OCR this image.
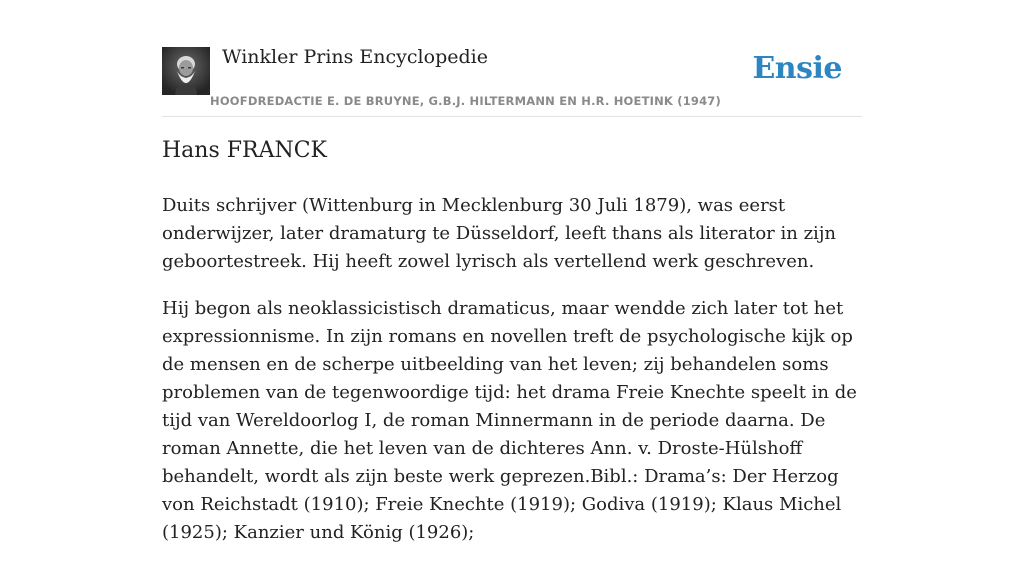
Winkler Prins Encyclopedie
HOOFDREDACTIE E. DE BRUYNE, G.B.J. HILTERMANN EN H.R. HOETINK (1947)
Ensie
Hans FRANCK

Duits schrijver (Wittenburg in Mecklenburg 30 Juli 1879), was eerst onderwijzer, later dramaturg te Düsseldorf, leeft thans als literator in zijn geboortestreek. Hij heeft zowel lyrisch als vertellend werk geschreven.

Hij begon als neoklassicistisch dramaticus, maar wendde zich later tot het expressionnisme. In zijn romans en novellen treft de psychologische kijk op de mensen en de scherpe uitbeelding van het leven; zij behandelen soms problemen van de tegenwoordige tijd: het drama Freie Knechte speelt in de tijd van Wereldoorlog I, de roman Minnermann in de periode daarna. De roman Annette, die het leven van de dichteres Ann. v. Droste-Hülshoff behandelt, wordt als zijn beste werk geprezen.Bibl.: Drama’s: Der Herzog von Reichstadt (1910); Freie Knechte (1919); Godiva (1919); Klaus Michel (1925); Kanzier und König (1926);
